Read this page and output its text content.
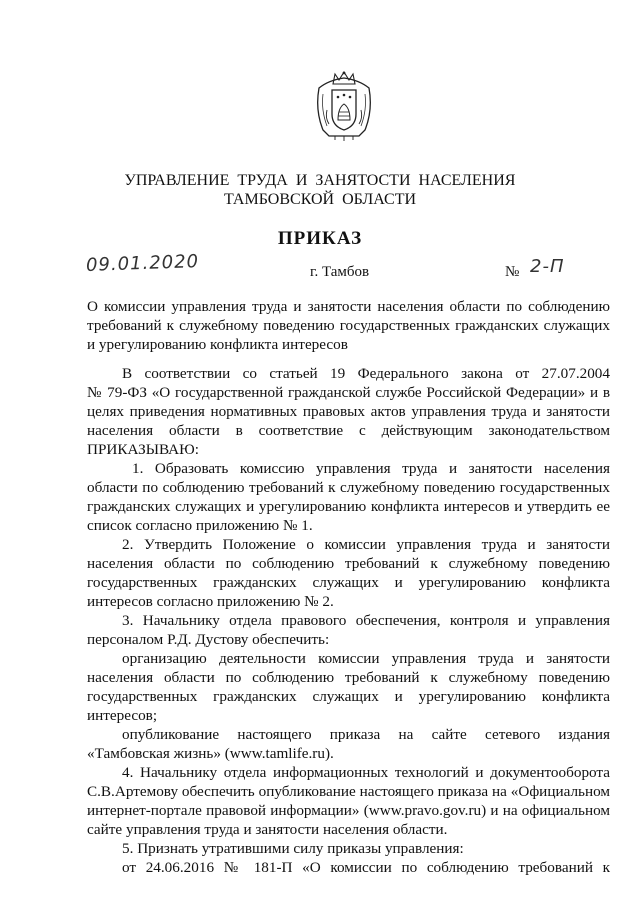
УПРАВЛЕНИЕ  ТРУДА  И  ЗАНЯТОСТИ  НАСЕЛЕНИЯ
ТАМБОВСКОЙ  ОБЛАСТИ
ПРИКАЗ
09.01.2020	г. Тамбов	№ 2-П
О комиссии управления труда и занятости населения области по соблюдению
требований к служебному поведению государственных гражданских служащих
и урегулированию конфликта интересов
В соответствии со статьей 19 Федерального закона от 27.07.2004
№ 79-ФЗ «О государственной гражданской службе Российской Федерации» и в
целях приведения нормативных правовых актов управления труда и занятости
населения области в соответствие с действующим законодательством
ПРИКАЗЫВАЮ:
1. Образовать комиссию управления труда и занятости населения
области по соблюдению требований к служебному поведению государственных
гражданских служащих и урегулированию конфликта интересов и утвердить ее
список согласно приложению № 1.
2. Утвердить Положение о комиссии управления труда и занятости
населения области по соблюдению требований к служебному поведению
государственных гражданских служащих и урегулированию конфликта
интересов согласно приложению № 2.
3. Начальнику отдела правового обеспечения, контроля и управления
персоналом Р.Д. Дустову обеспечить:
организацию деятельности комиссии управления труда и занятости
населения области по соблюдению требований к служебному поведению
государственных гражданских служащих и урегулированию конфликта
интересов;
опубликование настоящего приказа на сайте сетевого издания
«Тамбовская жизнь» (www.tamlife.ru).
4. Начальнику отдела информационных технологий и документооборота
С.В.Артемову обеспечить опубликование настоящего приказа на «Официальном
интернет-портале правовой информации» (www.pravo.gov.ru) и на официальном
сайте управления труда и занятости населения области.
5. Признать утратившими силу приказы управления:
от 24.06.2016 № 181-П «О комиссии по соблюдению требований к
